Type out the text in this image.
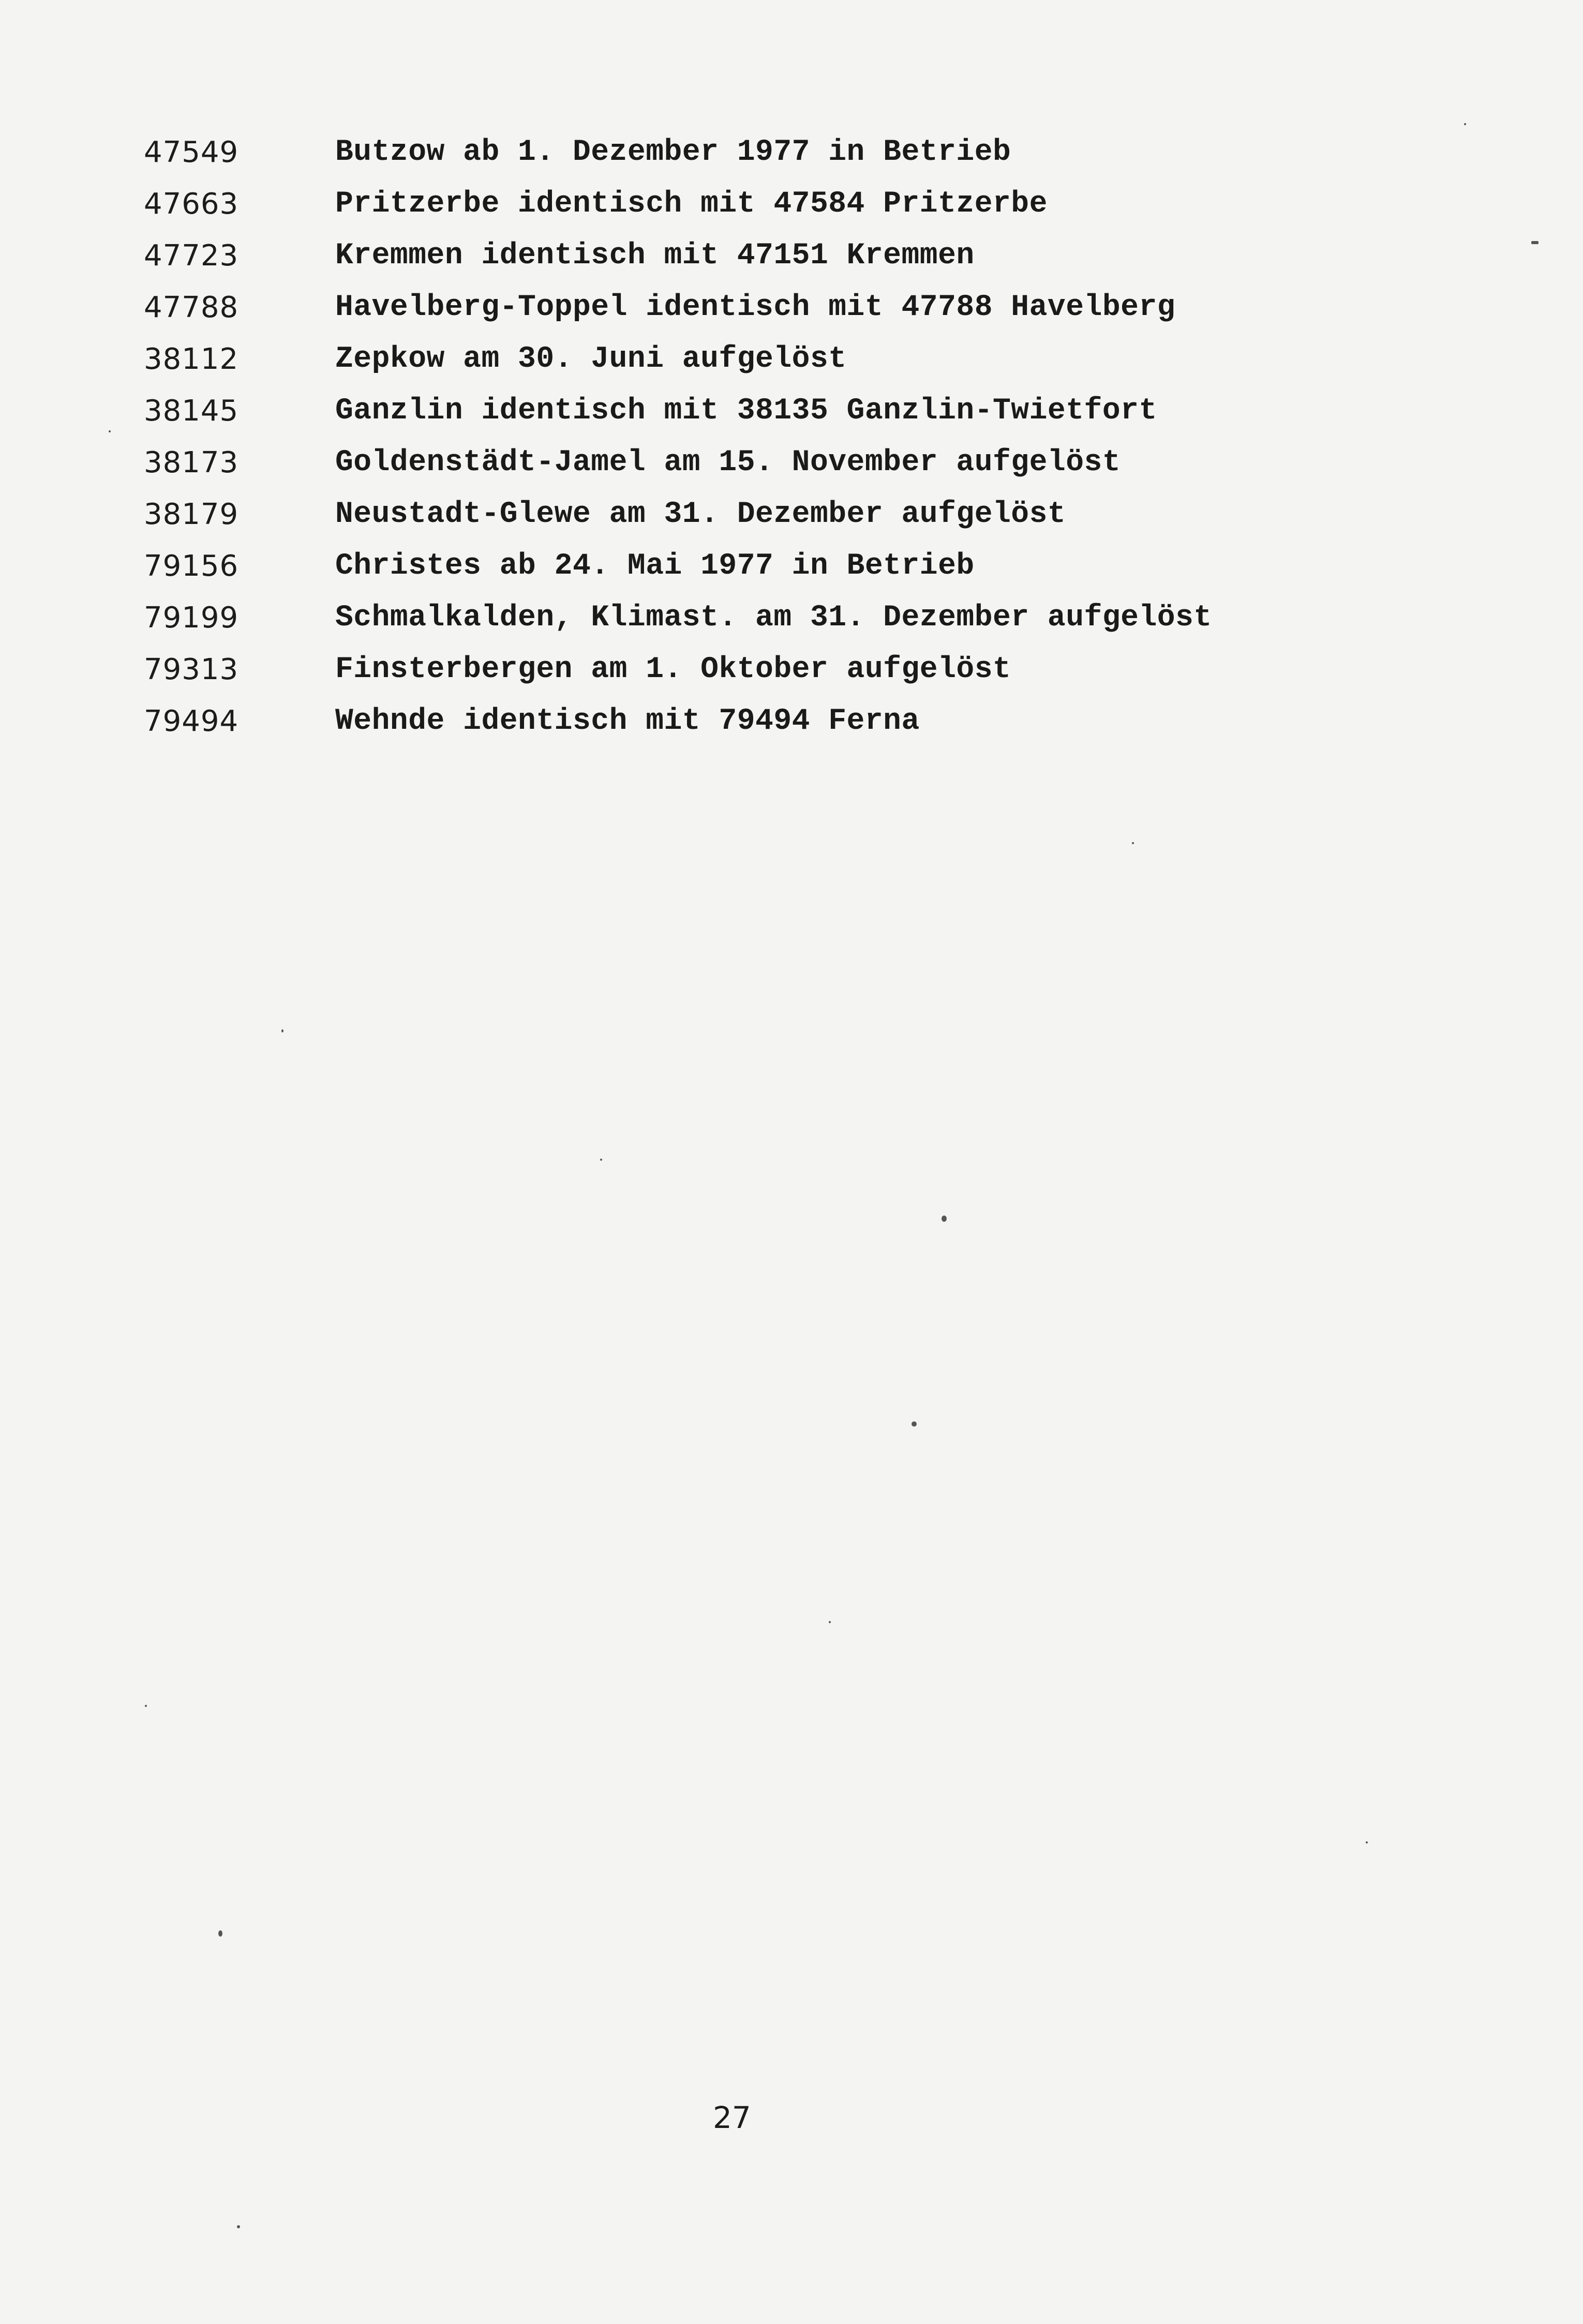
47549	Butzow ab 1. Dezember 1977 in Betrieb
47663	Pritzerbe identisch mit 47584 Pritzerbe
47723	Kremmen identisch mit 47151 Kremmen
47788	Havelberg-Toppel identisch mit 47788 Havelberg
38112	Zepkow am 30. Juni aufgelöst
38145	Ganzlin identisch mit 38135 Ganzlin-Twietfort
38173	Goldenstädt-Jamel am 15. November aufgelöst
38179	Neustadt-Glewe am 31. Dezember aufgelöst
79156	Christes ab 24. Mai 1977 in Betrieb
79199	Schmalkalden, Klimast. am 31. Dezember aufgelöst
79313	Finsterbergen am 1. Oktober aufgelöst
79494	Wehnde identisch mit 79494 Ferna
27
